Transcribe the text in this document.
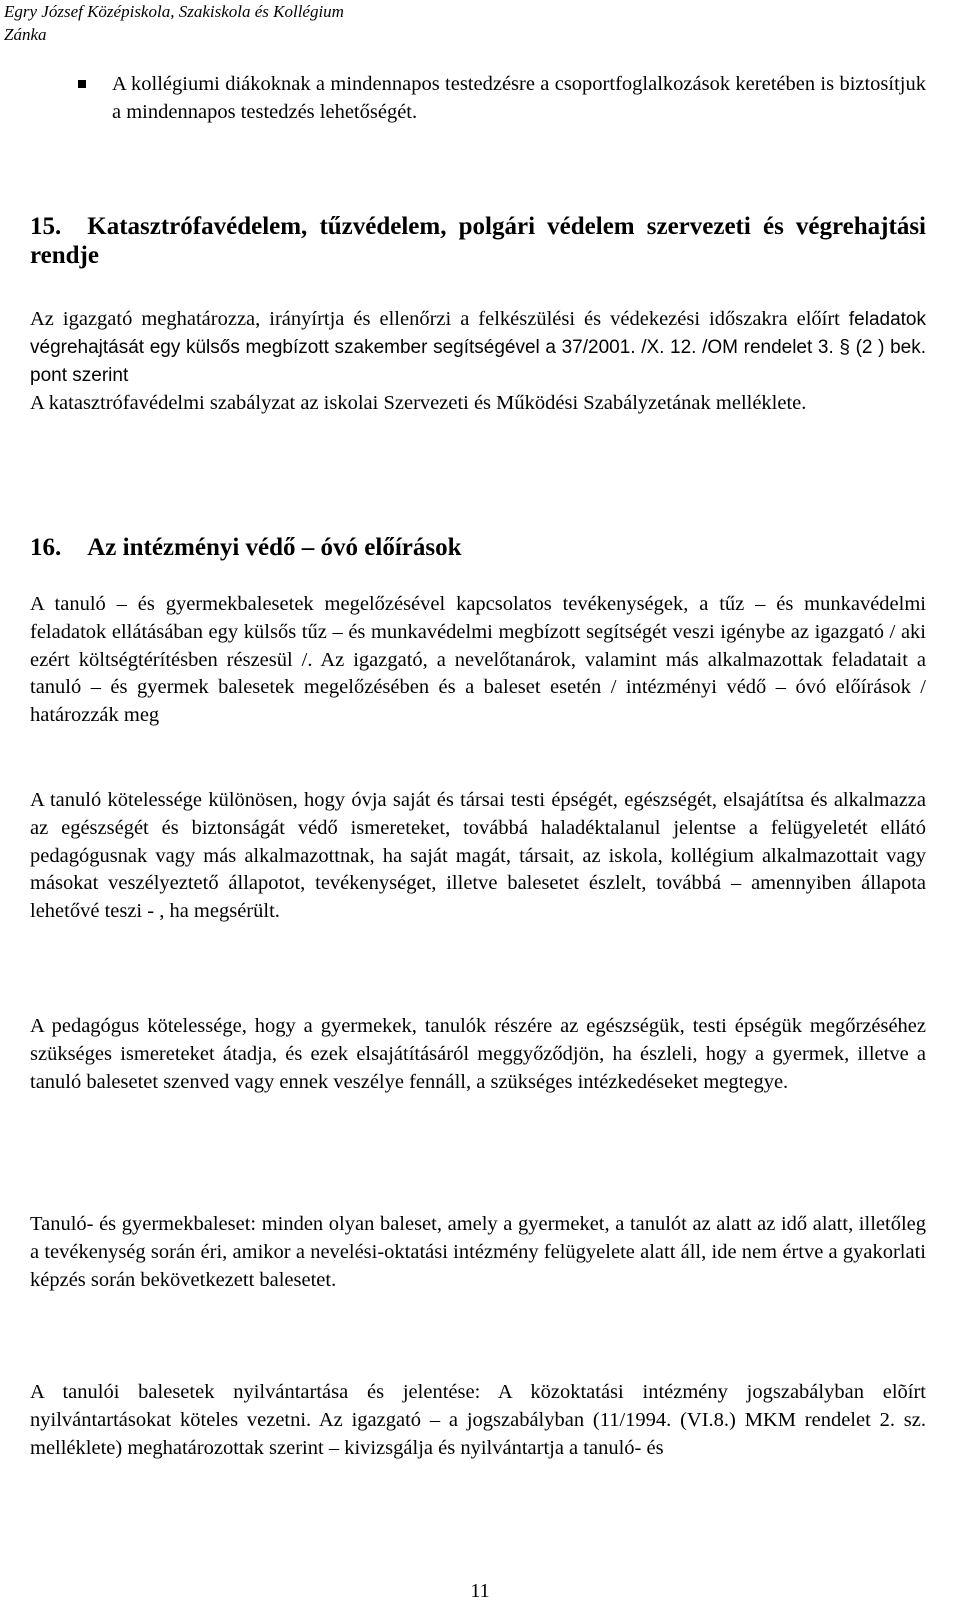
Egry József Középiskola, Szakiskola és Kollégium
Zánka
A kollégiumi diákoknak a mindennapos testedzésre a csoportfoglalkozások keretében is biztosítjuk a mindennapos testedzés lehetőségét.
15. Katasztrófavédelem, tűzvédelem, polgári védelem szervezeti és végrehajtási rendje
Az igazgató meghatározza, irányírtja és ellenőrzi a felkészülési és védekezési időszakra előírt feladatok végrehajtását egy külsős megbízott szakember segítségével a 37/2001. /X. 12. /OM rendelet 3. § (2 ) bek. pont szerint
A katasztrófavédelmi szabályzat az iskolai Szervezeti és Működési Szabályzetának melléklete.
16. Az intézményi védő – óvó előírások
A tanuló – és gyermekbalesetek megelőzésével kapcsolatos tevékenységek, a tűz – és munkavédelmi feladatok ellátásában egy külsős tűz – és munkavédelmi megbízott segítségét veszi igénybe az igazgató / aki ezért költségtérítésben részesül /. Az igazgató, a nevelőtanárok, valamint más alkalmazottak feladatait a tanuló – és gyermek balesetek megelőzésében és a baleset esetén / intézményi védő – óvó előírások / határozzák meg
A tanuló kötelessége különösen, hogy óvja saját és társai testi épségét, egészségét, elsajátítsa és alkalmazza az egészségét és biztonságát védő ismereteket, továbbá haladéktalanul jelentse a felügyeletét ellátó pedagógusnak vagy más alkalmazottnak, ha saját magát, társait, az iskola, kollégium alkalmazottait vagy másokat veszélyeztető állapotot, tevékenységet, illetve balesetet észlelt, továbbá – amennyiben állapota lehetővé teszi - , ha megsérült.
A pedagógus kötelessége, hogy a gyermekek, tanulók részére az egészségük, testi épségük megőrzéséhez szükséges ismereteket átadja, és ezek elsajátításáról meggyőződjön, ha észleli, hogy a gyermek, illetve a tanuló balesetet szenved vagy ennek veszélye fennáll, a szükséges intézkedéseket megtegye.
Tanuló- és gyermekbaleset: minden olyan baleset, amely a gyermeket, a tanulót az alatt az idő alatt, illetőleg a tevékenység során éri, amikor a nevelési-oktatási intézmény felügyelete alatt áll, ide nem értve a gyakorlati képzés során bekövetkezett balesetet.
A tanulói balesetek nyilvántartása és jelentése: A közoktatási intézmény jogszabályban elõírt nyilvántartásokat köteles vezetni. Az igazgató – a jogszabályban (11/1994. (VI.8.) MKM rendelet 2. sz. melléklete) meghatározottak szerint – kivizsgálja és nyilvántartja a tanuló- és
11
